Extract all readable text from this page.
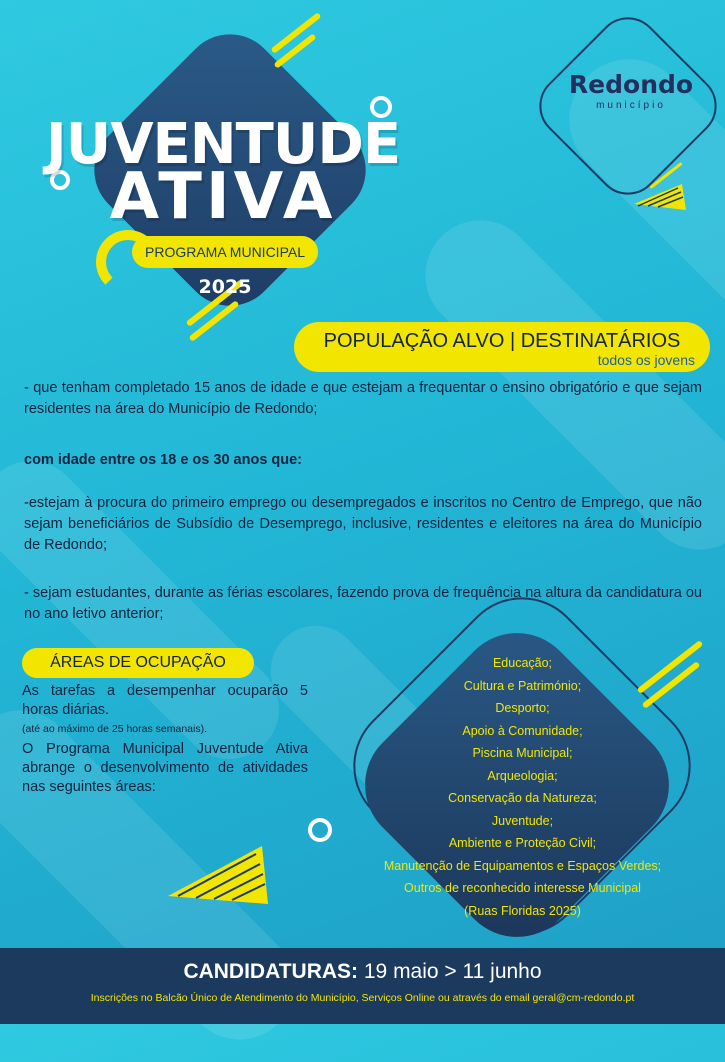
JUVENTUDE
ATIVA
PROGRAMA MUNICIPAL
2025
Redondo
município
POPULAÇÃO ALVO | DESTINATÁRIOS
todos os jovens
- que tenham completado 15 anos de idade e que estejam a frequentar o ensino obrigatório e que sejam residentes na área do Município de Redondo;
com idade entre os 18 e os 30 anos que:
-estejam à procura do primeiro emprego ou desempregados e inscritos no Centro de Emprego, que não sejam beneficiários de Subsídio de Desemprego, inclusive, residentes e eleitores na área do Município de Redondo;
- sejam estudantes, durante as férias escolares, fazendo prova de frequência na altura da candidatura ou no ano letivo anterior;
ÁREAS DE OCUPAÇÃO
As tarefas a desempenhar ocuparão 5 horas diárias.
(até ao máximo de 25 horas semanais).
O Programa Municipal Juventude Ativa abrange o desenvolvimento de atividades nas seguintes áreas:
Educação;
Cultura e Património;
Desporto;
Apoio à Comunidade;
Piscina Municipal;
Arqueologia;
Conservação da Natureza;
Juventude;
Ambiente e Proteção Civil;
Manutenção de Equipamentos e Espaços Verdes;
Outros de reconhecido interesse Municipal
(Ruas Floridas 2025)
CANDIDATURAS: 19 maio > 11 junho
Inscrições no Balcão Único de Atendimento do Município, Serviços Online ou através do email geral@cm-redondo.pt
